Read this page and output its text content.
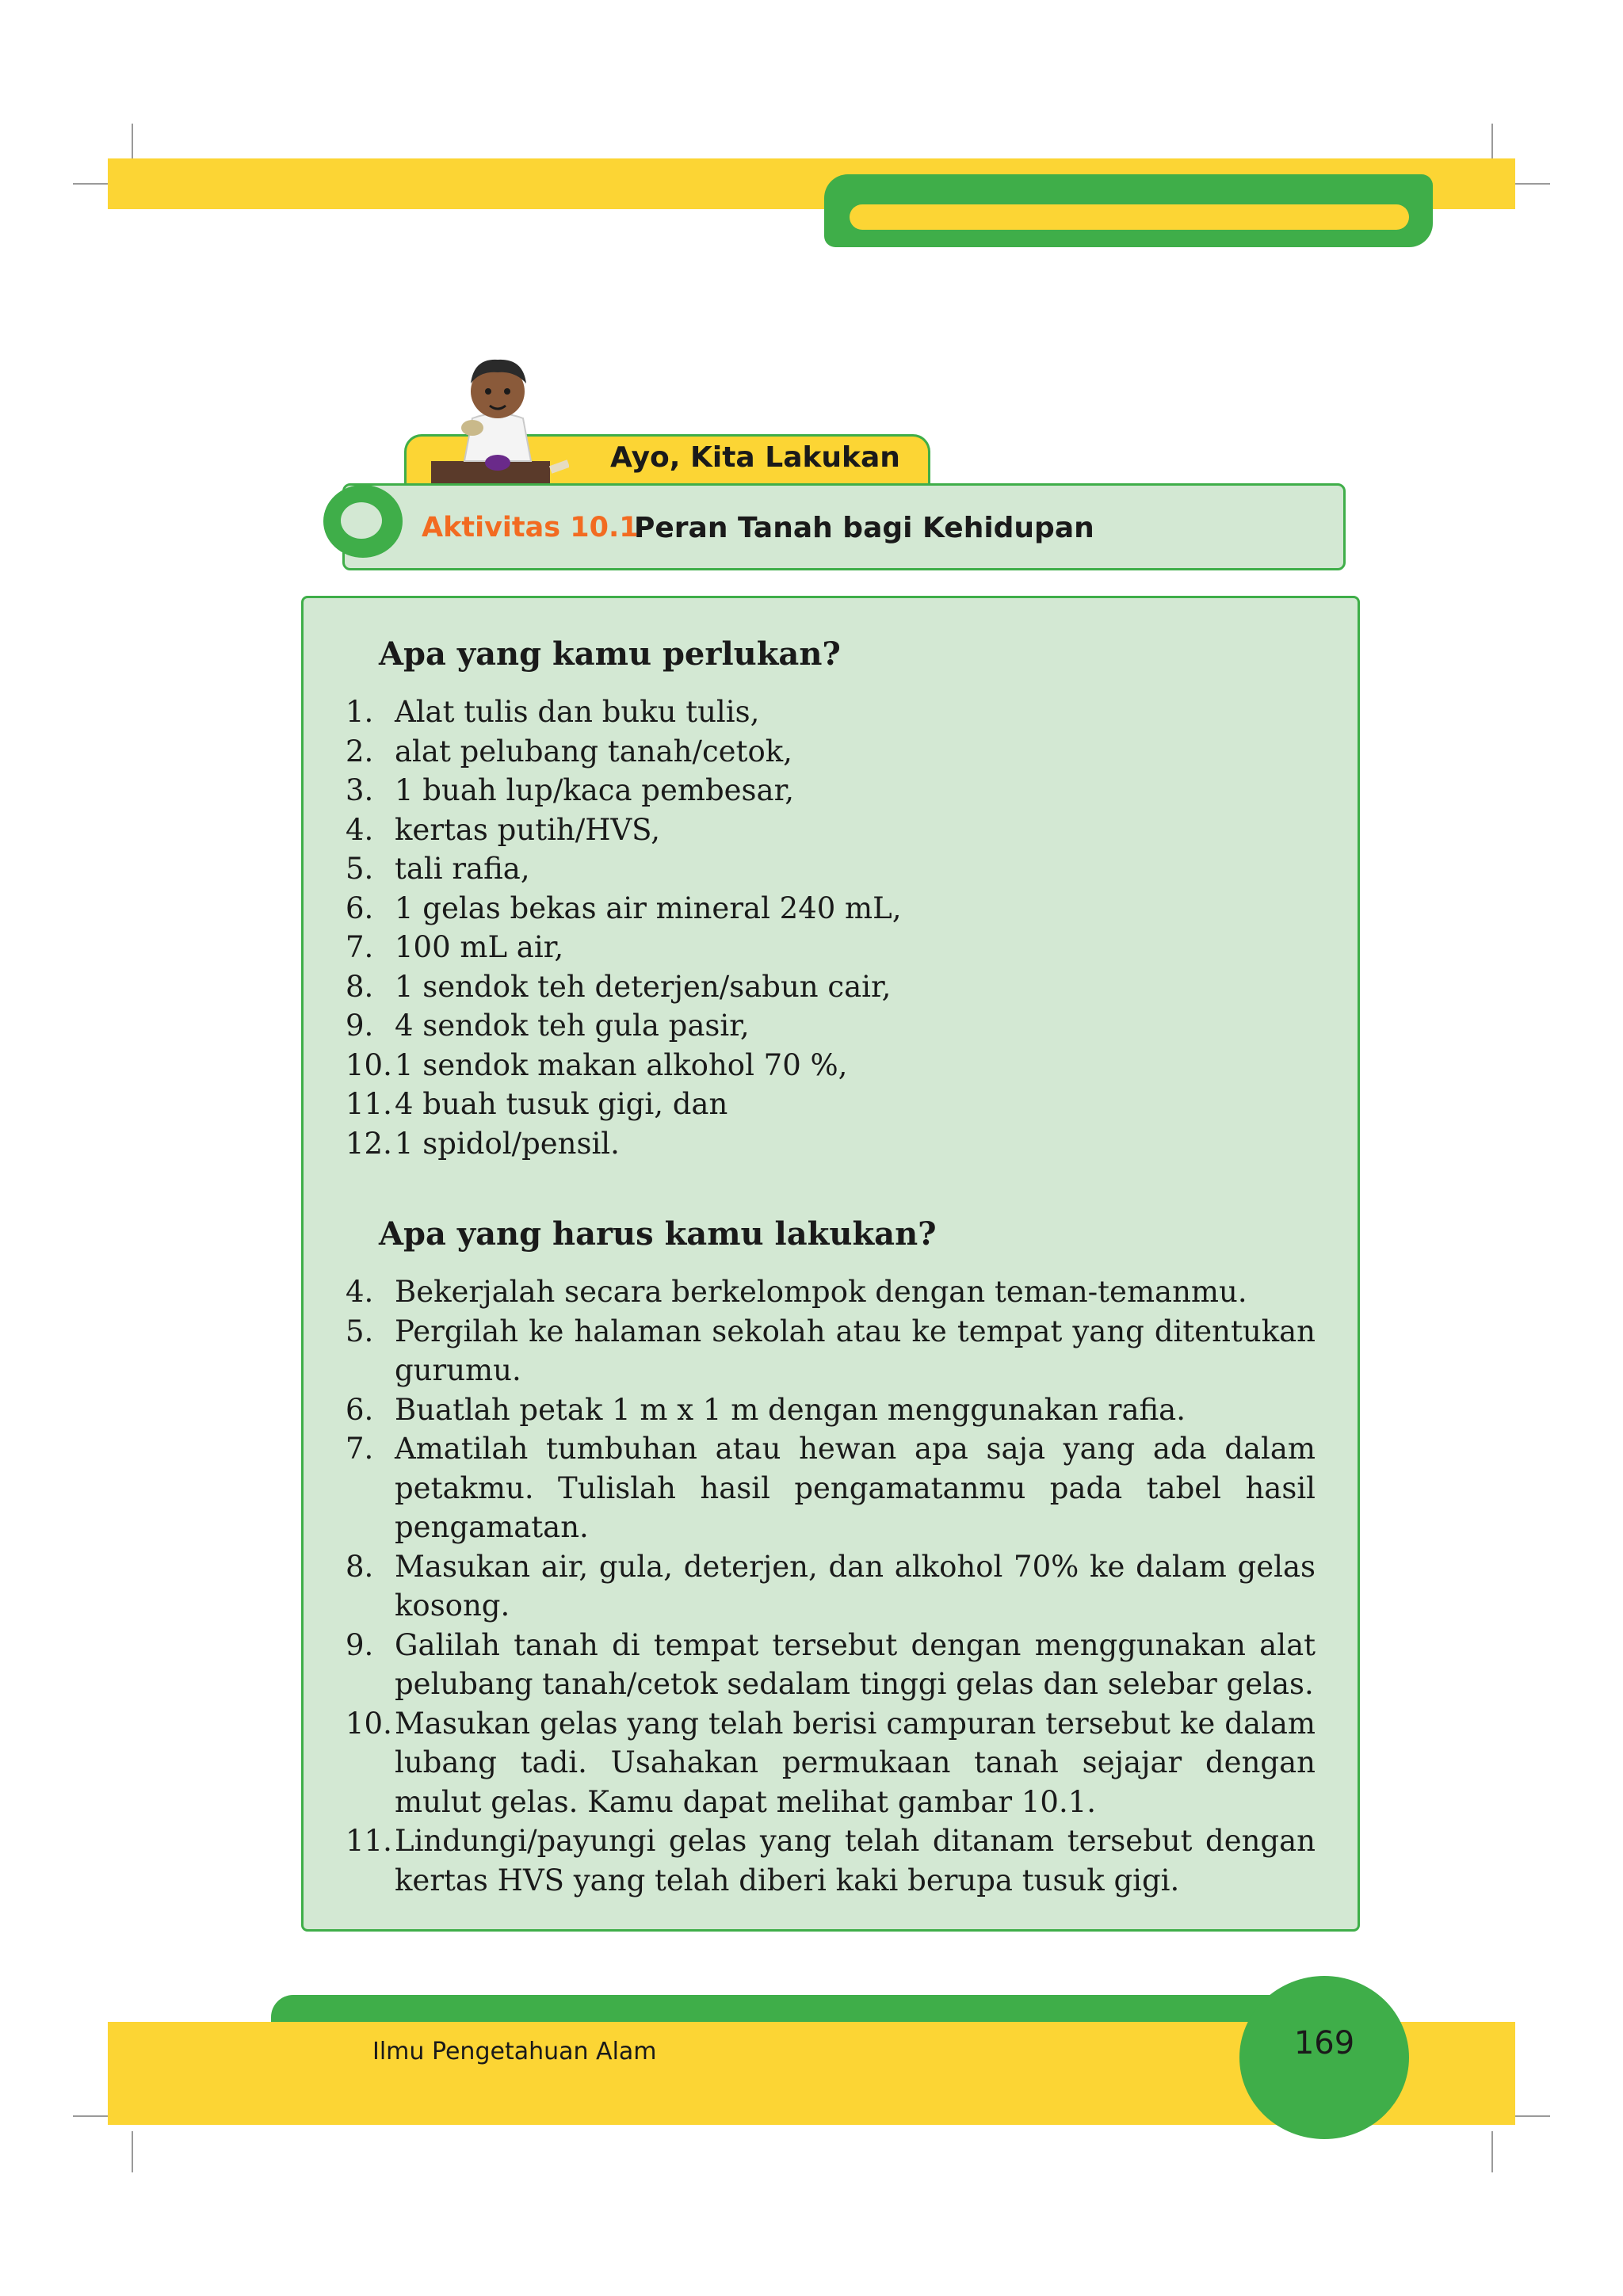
Ayo, Kita Lakukan
Aktivitas 10.1
Peran Tanah bagi Kehidupan
Apa yang kamu perlukan?
1. Alat tulis dan buku tulis,
2. alat pelubang tanah/cetok,
3. 1 buah lup/kaca pembesar,
4. kertas putih/HVS,
5. tali rafia,
6. 1 gelas bekas air mineral 240 mL,
7. 100 mL air,
8. 1 sendok teh deterjen/sabun cair,
9. 4 sendok teh gula pasir,
10. 1 sendok makan alkohol 70 %,
11. 4 buah tusuk gigi, dan
12. 1 spidol/pensil.
Apa yang harus kamu lakukan?
4. Bekerjalah secara berkelompok dengan teman-temanmu.
5. Pergilah ke halaman sekolah atau ke tempat yang ditentukan gurumu.
6. Buatlah petak 1 m x 1 m dengan menggunakan rafia.
7. Amatilah tumbuhan atau hewan apa saja yang ada dalam petakmu. Tulislah hasil pengamatanmu pada tabel hasil pengamatan.
8. Masukan air, gula, deterjen, dan alkohol 70% ke dalam gelas kosong.
9. Galilah tanah di tempat tersebut dengan menggunakan alat pelubang tanah/cetok sedalam tinggi gelas dan selebar gelas.
10. Masukan gelas yang telah berisi campuran tersebut ke dalam lubang tadi. Usahakan permukaan tanah sejajar dengan mulut gelas. Kamu dapat melihat gambar 10.1.
11. Lindungi/payungi gelas yang telah ditanam tersebut dengan kertas HVS yang telah diberi kaki berupa tusuk gigi.
Ilmu Pengetahuan Alam	169
